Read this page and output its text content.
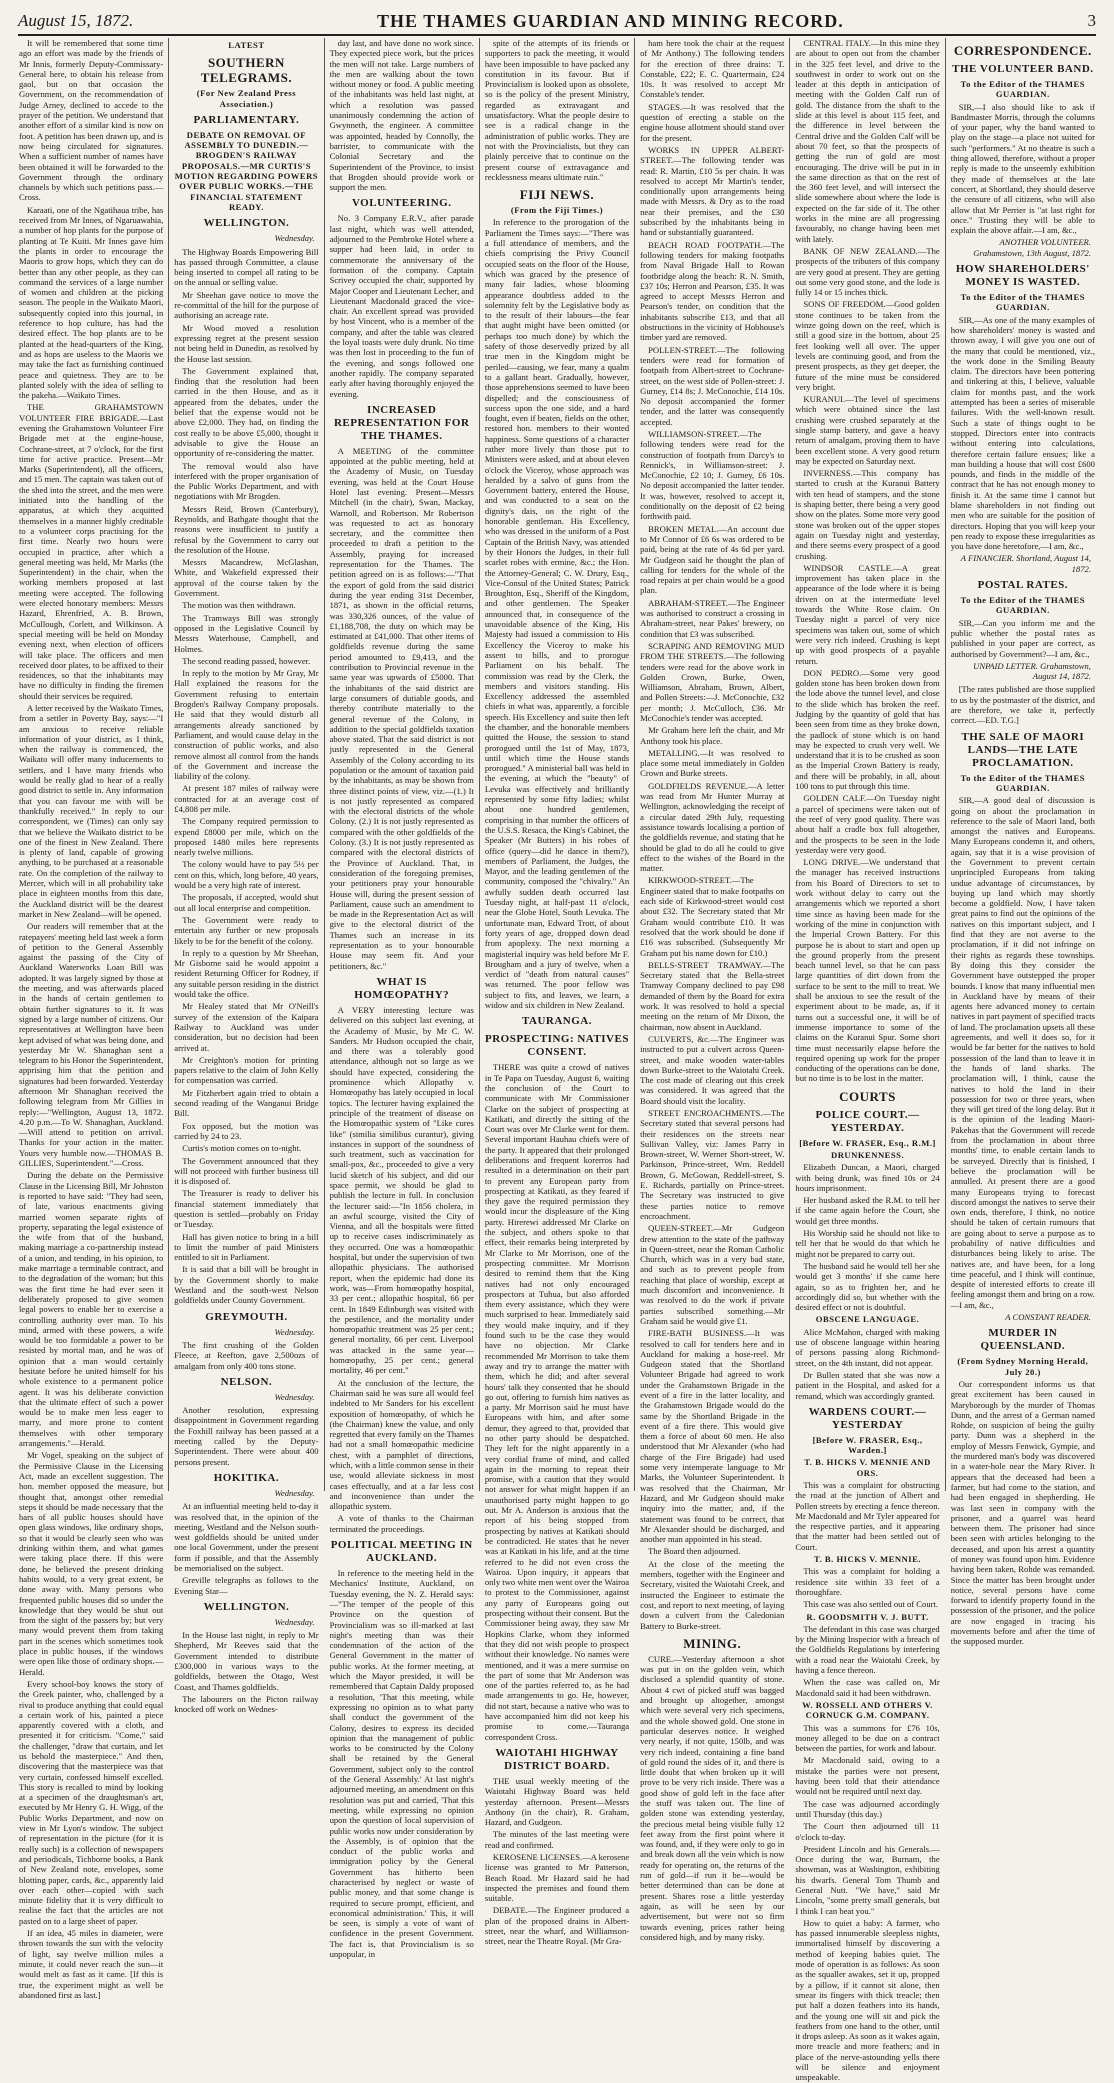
August 15, 1872.	THE THAMES GUARDIAN AND MINING RECORD.	3

It will be remembered that some time ago an effort was made by the friends of Mr Innis, formerly Deputy-Commissary-General here, to obtain his release from gaol, but on that occasion the Government, on the recommendation of Judge Arney, declined to accede to the prayer of the petition. We understand that another effort of a similar kind is now on foot. A petition has been drawn up, and is now being circulated for signatures. When a sufficient number of names have been obtained it will be forwarded to the Government through the ordinary channels by which such petitions pass.—Cross.

Karaati, one of the Ngatihaua tribe, has received from Mr Innes, of Ngaruawahia, a number of hop plants for the purpose of planting at Te Kuiti. Mr Innes gave him the plants in order to encourage the Maoris to grow hops, which they can do better than any other people, as they can command the services of a large number of women and children at the picking season. The people in the Waikato Maori, subsequently copied into this journal, in reference to hop culture, has had the desired effect. The hop plants are to be planted at the head-quarters of the King, and as hops are useless to the Maoris we may take the fact as furnishing continued peace and quietness. They are to be planted solely with the idea of selling to the pakeha.—Waikato Times.

THE GRAHAMSTOWN VOLUNTEER FIRE BRIGADE.—Last evening the Grahamstown Volunteer Fire Brigade met at the engine-house, Cochrane-street, at 7 o'clock, for the first time for active practice. Present—Mr Marks (Superintendent), all the officers, and 15 men. The captain was taken out of the shed into the street, and the men were initiated into the handling of the apparatus, at which they acquitted themselves in a manner highly creditable to a volunteer corps practising for the first time. Nearly two hours were occupied in practice, after which a general meeting was held, Mr Marks (the Superintendent) in the chair, when the working members proposed at last meeting were accepted. The following were elected honorary members: Messrs Hazard, Ehrenfried, A. B. Brown, McCullough, Corlett, and Wilkinson. A special meeting will be held on Monday evening next, when election of officers will take place. The officers and men received door plates, to be affixed to their residences, so that the inhabitants may have no difficulty in finding the firemen should their services be required.

A letter received by the Waikato Times, from a settler in Poverty Bay, says:—"I am anxious to receive reliable information of your district, as I think, when the railway is commenced, the Waikato will offer many inducements to settlers, and I have many friends who would be really glad to hear of a really good district to settle in. Any information that you can favour me with will be thankfully received." In reply to our correspondent, we (Times) can only say that we believe the Waikato district to be one of the finest in New Zealand. There is plenty of land, capable of growing anything, to be purchased at a reasonable rate. On the completion of the railway to Mercer, which will in all probability take place in eighteen months from this date, the Auckland district will be the dearest market in New Zealand—will be opened.

Our readers will remember that at the ratepayers' meeting held last week a form of petition to the General Assembly against the passing of the City of Auckland Waterworks Loan Bill was adopted. It was largely signed by those at the meeting, and was afterwards placed in the hands of certain gentlemen to obtain further signatures to it. It was signed by a large number of citizens. Our representatives at Wellington have been kept advised of what was being done, and yesterday Mr W. Shanaghan sent a telegram to his Honor the Superintendent, apprising him that the petition and signatures had been forwarded. Yesterday afternoon Mr Shanaghan received the following telegram from Mr Gillies in reply:—"Wellington, August 13, 1872. 4.20 p.m.—To W. Shanaghan, Auckland.—Will attend to petition on arrival. Thanks for your action in the matter. Yours very humble now.—THOMAS B. GILLIES, Superintendent."—Cross.

During the debate on the Permissive Clause in the Licensing Bill, Mr Johnston is reported to have said: "They had seen, of late, various enactments giving married women separate rights of property, separating the legal existence of the wife from that of the husband, making marriage a co-partnership instead of a union, and tending, in his opinion, to make marriage a terminable contract, and to the degradation of the woman; but this was the first time he had ever seen it deliberately proposed to give women legal powers to enable her to exercise a controlling authority over man. To his mind, armed with these powers, a wife would be too formidable a power to be resisted by mortal man, and he was of opinion that a man would certainly hesitate before he united himself for his whole existence to a permanent police agent. It was his deliberate conviction that the ultimate effect of such a power would be to make men less eager to marry, and more prone to content themselves with other temporary arrangements."—Herald.

Mr Vogel, speaking on the subject of the Permissive Clause in the Licensing Act, made an excellent suggestion. The hon. member opposed the measure, but thought that, amongst other remedial steps it should be made necessary that the bars of all public houses should have open glass windows, like ordinary shops, so that it would be clearly seen who was drinking within them, and what games were taking place there. If this were done, he believed the present drinking habits would, to a very great extent, be done away with. Many persons who frequented public houses did so under the knowledge that they would be shut out from the sight of the passers by; but very many would prevent them from taking part in the scenes which sometimes took place in public houses, if the windows were open like those of ordinary shops.—Herald.

Every school-boy knows the story of the Greek painter, who, challenged by a rival to produce anything that could equal a certain work of his, painted a piece apparently covered with a cloth, and presented it for criticism. "Come," said the challenger, "draw that curtain, and let us behold the masterpiece." And then, discovering that the masterpiece was that very curtain, confessed himself excelled. This story is recalled to mind by looking at a specimen of the draughtsman's art, executed by Mr Henry G. H. Wigg, of the Public Works Department, and now on view in Mr Lyon's window. The subject of representation in the picture (for it is really such) is a collection of newspapers and periodicals, Tichborne books, a Bank of New Zealand note, envelopes, some blotting paper, cards, &c., apparently laid over each other—copied with such minute fidelity that it is very difficult to realise the fact that the articles are not pasted on to a large sheet of paper.

If an idea, 45 miles in diameter, were thrown towards the sun with the velocity of light, say twelve million miles a minute, it could never reach the sun—it would melt as fast as it came. [If this is true, the experiment might as well be abandoned first as last.]

LATEST
SOUTHERN TELEGRAMS.
(For New Zealand Press Association.)
PARLIAMENTARY.
DEBATE ON REMOVAL OF ASSEMBLY TO DUNEDIN.—BROGDEN'S RAILWAY PROPOSALS.—MR CURTIS'S MOTION REGARDING POWERS OVER PUBLIC WORKS.—THE FINANCIAL STATEMENT READY.
WELLINGTON.
Wednesday.

The Highway Boards Empowering Bill has passed through Committee, a clause being inserted to compel all rating to be on the annual or selling value.

Mr Sheehan gave notice to move the re-committal of the bill for the purpose of authorising an acreage rate.

Mr Wood moved a resolution expressing regret at the present session not being held in Dunedin, as resolved by the House last session.

The Government explained that, finding that the resolution had been carried in the then House, and as it appeared from the debates, under the belief that the expense would not be above £2,000. They had, on finding the cost really to be above £5,000, thought it advisable to give the House an opportunity of re-considering the matter.

The removal would also have interfered with the proper organisation of the Public Works Department, and with negotiations with Mr Brogden.

Messrs Reid, Brown (Canterbury), Reynolds, and Bathgate thought that the reasons were insufficient to justify a refusal by the Government to carry out the resolution of the House.

Messrs Macandrew, McGlashan, White, and Wakefield expressed their approval of the course taken by the Government.

The motion was then withdrawn.

The Tramways Bill was strongly opposed in the Legislative Council by Messrs Waterhouse, Campbell, and Holmes.

The second reading passed, however.

In reply to the motion by Mr Gray, Mr Hall explained the reasons for the Government refusing to entertain Brogden's Railway Company proposals. He said that they would disturb all arrangements already sanctioned by Parliament, and would cause delay in the construction of public works, and also remove almost all control from the hands of the Government and increase the liability of the colony.

At present 187 miles of railway were contracted for at an average cost of £4,808 per mile.

The Company required permission to expend £8000 per mile, which on the proposed 1480 miles here represents nearly twelve millions.

The colony would have to pay 5½ per cent on this, which, long before, 40 years, would be a very high rate of interest.

The proposals, if accepted, would shut out all local enterprise and competition.

The Government were ready to entertain any further or new proposals likely to be for the benefit of the colony.

In reply to a question by Mr Sheehan, Mr Gisborne said he would appoint a resident Returning Officer for Rodney, if any suitable person residing in the district would take the office.

Mr Healey stated that Mr O'Neill's survey of the extension of the Kaipara Railway to Auckland was under consideration, but no decision had been arrived at.

Mr Creighton's motion for printing papers relative to the claim of John Kelly for compensation was carried.

Mr Fitzherbert again tried to obtain a second reading of the Wanganui Bridge Bill.

Fox opposed, but the motion was carried by 24 to 23.

Curtis's motion comes on to-night.

The Government announced that they will not proceed with further business till it is disposed of.

The Treasurer is ready to deliver his financial statement immediately that question is settled—probably on Friday or Tuesday.

Hall has given notice to bring in a bill to limit the number of paid Ministers entitled to sit in Parliament.

It is said that a bill will be brought in by the Government shortly to make Westland and the south-west Nelson goldfields under County Government.

GREYMOUTH.
Wednesday.

The first crushing of the Golden Fleece, at Reefton, gave 2,500ozs of amalgam from only 400 tons stone.

NELSON.
Wednesday.

Another resolution, expressing disappointment in Government regarding the Foxhill railway has been passed at a meeting called by the Deputy-Superintendent. There were about 400 persons present.

HOKITIKA.
Wednesday.

At an influential meeting held to-day it was resolved that, in the opinion of the meeting, Westland and the Nelson south-west goldfields should be united under one local Government, under the present form if possible, and that the Assembly be memorialised on the subject.

Greville telegraphs as follows to the Evening Star—

WELLINGTON.
Wednesday.

In the House last night, in reply to Mr Shepherd, Mr Reeves said that the Government intended to distribute £300,000 in various ways to the goldfields, between the Otago, West Coast, and Thames goldfields.

The labourers on the Picton railway knocked off work on Wednes-

day last, and have done no work since. They expected piece work, but the prices the men will not take. Large numbers of the men are walking about the town without money or food. A public meeting of the inhabitants was held last night, at which a resolution was passed unanimously condemning the action of Gwynneth, the engineer. A committee was appointed, headed by Connolly, the barrister, to communicate with the Colonial Secretary and the Superintendent of the Province, to insist that Brogden should provide work or support the men.

VOLUNTEERING.

No. 3 Company E.R.V., after parade last night, which was well attended, adjourned to the Pembroke Hotel where a supper had been laid, in order to commemorate the anniversary of the formation of the company. Captain Scrivey occupied the chair, supported by Major Cooper and Lieutenant Lecher, and Lieutenant Macdonald graced the vice-chair. An excellent spread was provided by host Vincent, who is a member of the company, and after the table was cleared the loyal toasts were duly drunk. No time was then lost in proceeding to the fun of the evening, and songs followed one another rapidly. The company separated early after having thoroughly enjoyed the evening.

INCREASED REPRESENTATION FOR THE THAMES.

A MEETING of the committee appointed at the public meeting, held at the Academy of Music, on Tuesday evening, was held at the Court House Hotel last evening. Present—Messrs Mitchell (in the chair), Swan, Mackay, Warnoll, and Robertson. Mr Robertson was requested to act as honorary secretary, and the committee then proceeded to draft a petition to the Assembly, praying for increased representation for the Thames. The petition agreed on is as follows:—"That the export of gold from the said district during the year ending 31st December, 1871, as shown in the official returns, was 330,326 ounces, of the value of £1,188,708, the duty on which may be estimated at £41,000. That other items of goldfields revenue during the same period amounted to £9,413, and the contribution to Provincial revenue in the same year was upwards of £5000. That the inhabitants of the said district are large consumers of dutiable goods, and thereby contribute materially to the general revenue of the Colony, in addition to the special goldfields taxation above stated. That the said district is not justly represented in the General Assembly of the Colony according to its population or the amount of taxation paid by the inhabitants, as may be shown from three distinct points of view, viz.—(1.) It is not justly represented as compared with the electoral districts of the whole Colony. (2.) It is not justly represented as compared with the other goldfields of the Colony. (3.) It is not justly represented as compared with the electoral districts of the Province of Auckland. That, in consideration of the foregoing premises, your petitioners pray your honourable House will, during the present session of Parliament, cause such an amendment to be made in the Representation Act as will give to the electoral district of the Thames such an increase in its representation as to your honourable House may seem fit. And your petitioners, &c."

WHAT IS HOMŒOPATHY?

A VERY interesting lecture was delivered on this subject last evening, at the Academy of Music, by Mr C. W. Sanders. Mr Hudson occupied the chair, and there was a tolerably good attendance, although not so large as we should have expected, considering the prominence which Allopathy v. Homœopathy has lately occupied in local topics. The lecturer having explained the principle of the treatment of disease on the Homœopathic system of "Like cures like" (similia similibus curantur), giving instances in support of the soundness of such treatment, such as vaccination for small-pox, &c., proceeded to give a very lucid sketch of his subject, and did our space permit, we should be glad to publish the lecture in full. In conclusion the lecturer said:—"In 1856 cholera, in an awful scourge, visited the City of Vienna, and all the hospitals were fitted up to receive cases indiscriminately as they occurred. One was a homœopathic hospital, but under the supervision of two allopathic physicians. The authorised report, when the epidemic had done its work, was—From homœopathy hospital, 33 per cent.; allopathic hospital, 66 per cent. In 1849 Edinburgh was visited with the pestilence, and the mortality under homœopathic treatment was 25 per cent.; general mortality, 66 per cent. Liverpool was attacked in the same year—homœopathy, 25 per cent.; general mortality, 46 per cent."

At the conclusion of the lecture, the Chairman said he was sure all would feel indebted to Mr Sanders for his excellent exposition of homœopathy, of which he (the Chairman) knew the value, and only regretted that every family on the Thames had not a small homœopathic medicine chest, with a pamphlet of directions, which, with a little common sense in their use, would alleviate sickness in most cases effectually, and at a far less cost and inconvenience than under the allopathic system.

A vote of thanks to the Chairman terminated the proceedings.

POLITICAL MEETING IN AUCKLAND.

In reference to the meeting held in the Mechanics' Institute, Auckland, on Tuesday evening, the N. Z. Herald says:—"The temper of the people of this Province on the question of Provincialism was so ill-marked at last night's meeting than was their condemnation of the action of the General Government in the matter of public works. At the former meeting, at which the Mayor presided, it will be remembered that Captain Daldy proposed a resolution, 'That this meeting, while expressing no opinion as to what party shall conduct the government of the Colony, desires to express its decided opinion that the management of public works to be constructed by the Colony shall be retained by the General Government, subject only to the control of the General Assembly.' At last night's adjourned meeting, an amendment on this resolution was put and carried, 'That this meeting, while expressing no opinion upon the question of local supervision of public works now under consideration by the Assembly, is of opinion that the conduct of the public works and immigration policy by the General Government has hitherto been characterised by neglect or waste of public money, and that some change is required to secure prompt, efficient, and economical administration.' This, it will be seen, is simply a vote of want of confidence in the present Government. The fact is, that Provincialism is so unpopular, in

spite of the attempts of its friends or supporters to pack the meeting, it would have been impossible to have packed any constitution in its favour. But if Provincialism is looked upon as obsolete, so is the policy of the present Ministry, regarded as extravagant and unsatisfactory. What the people desire to see is a radical change in the administration of public works. They are not with the Provincialists, but they can plainly perceive that to continue on the present course of extravagance and recklessness means ultimate ruin."

FIJI NEWS.
(From the Fiji Times.)

In reference to the prorogation of the Parliament the Times says:—"There was a full attendance of members, and the chiefs comprising the Privy Council occupied seats on the floor of the House, which was graced by the presence of many fair ladies, whose blooming appearance doubtless added to the solemnity felt by the Legislative body as to the result of their labours—the fear that aught might have been omitted (or perhaps too much done) by which the safety of those deservedly prized by all true men in the Kingdom might be periled—causing, we fear, many a qualm to a gallant heart. Gradually, however, those apprehensions seemed to have been dispelled; and the consciousness of success upon the one side, and a hard fought, even if beaten, fields on the other, restored hon. members to their wonted happiness. Some questions of a character rather more lively than those put to Ministers were asked, and at about eleven o'clock the Viceroy, whose approach was heralded by a salvo of guns from the Government battery, entered the House, and was conducted to a seat on the dignity's dais, on the right of the honorable gentleman. His Excellency, who was dressed in the uniform of a Post Captain of the British Navy, was attended by their Honors the Judges, in their full scarlet robes with ermine, &c.; the Hon. the Attorney-General; C. W. Drury, Esq., Vice-Consul of the United States; Patrick Broughton, Esq., Sheriff of the Kingdom, and other gentlemen. The Speaker announced that, in consequence of the unavoidable absence of the King, His Majesty had issued a commission to His Excellency the Viceroy to make his assent to bills, and to prorogue Parliament on his behalf. The commission was read by the Clerk, the members and visitors standing. His Excellency addressed the assembled chiefs in what was, apparently, a forcible speech. His Excellency and suite then left the chamber, and the honorable members quitted the House, the session to stand prorogued until the 1st of May, 1873, until which time the House stands prorogued." A ministerial ball was held in the evening, at which the "beauty" of Levuka was effectively and brilliantly represented by some fifty ladies; whilst about one hundred gentlemen, comprising in that number the officers of the U.S.S. Resaca, the King's Cabinet, the Speaker (Mr Butters) in his robes of office (query—did he dance in them?), members of Parliament, the Judges, the Mayor, and the leading gentlemen of the community, composed the "chivalry." An awfully sudden death occurred last Tuesday night, at half-past 11 o'clock, near the Globe Hotel, South Levuka. The unfortunate man, Edward Trott, of about forty years of age, dropped down dead from apoplexy. The next morning a magisterial inquiry was held before Mr F. Brougham and a jury of twelve, when a verdict of "death from natural causes" was returned. The poor fellow was subject to fits, and leaves, we learn, a widow and six children in New Zealand.

TAURANGA.
PROSPECTING: NATIVES CONSENT.

THERE was quite a crowd of natives in Te Papa on Tuesday, August 6, waiting the conclusion of the Court to communicate with Mr Commissioner Clarke on the subject of prospecting at Katikati, and directly the sitting of the Court was over Mr Clarke went for them. Several important Hauhau chiefs were of the party. It appeared that their prolonged deliberations and frequent korerros had resulted in a determination on their part to prevent any European party from prospecting at Katikati, as they feared if they gave the required permission they would incur the displeasure of the King party. Hirerewi addressed Mr Clarke on the subject, and others spoke to that effect, their remarks being interpreted by Mr Clarke to Mr Morrison, one of the prospecting committee. Mr Morrison desired to remind them that the King natives had not only encouraged prospectors at Tuhua, but also afforded them every assistance, which they were much surprised to hear. Immediately said they would make inquiry, and if they found such to be the case they would have no objection. Mr Clarke recommended Mr Morrison to take them away and try to arrange the matter with them, which he did; and after several hours' talk they consented that he should go out, offering to furnish him natives as a party. Mr Morrison said he must have Europeans with him, and after some demur, they agreed to that, provided that no other party should be despatched. They left for the night apparently in a very cordial frame of mind, and called again in the morning to repeat their promise, with a caution that they would not answer for what might happen if an unauthorised party might happen to go out. Mr A. Anderson is anxious that the report of his being stopped from prospecting by natives at Katikati should be contradicted. He states that he never was at Katikati in his life, and at the time referred to he did not even cross the Wairoa. Upon inquiry, it appears that only two white men went over the Wairoa to protest to the Commissioner, against any party of Europeans going out prospecting without their consent. But the Commissioner being away, they saw Mr Hopkins Clarke, whom they informed that they did not wish people to prospect without their knowledge. No names were mentioned, and it was a mere surmise on the part of some that Mr Anderson was one of the parties referred to, as he had made arrangements to go. He, however, did not start, because a native who was to have accompanied him did not keep his promise to come.—Tauranga correspondent Cross.

WAIOTAHI HIGHWAY DISTRICT BOARD.

THE usual weekly meeting of the Waiotahi Highway Board was held yesterday afternoon. Present—Messrs Anthony (in the chair), R. Graham, Hazard, and Gudgeon.

The minutes of the last meeting were read and confirmed.

KEROSENE LICENSES.—A kerosene license was granted to Mr Patterson, Beach Road. Mr Hazard said he had inspected the premises and found them suitable.

DEBATE.—The Engineer produced a plan of the proposed drains in Albert-street, near the wharf, and Williamson-street, near the Theatre Royal. (Mr Gra-

ham here took the chair at the request of Mr Anthony.) The following tenders for the erection of three drains: T. Constable, £22; E. C. Quartermain, £24 10s. It was resolved to accept Mr Constable's tender.

STAGES.—It was resolved that the question of erecting a stable on the engine house allotment should stand over for the present.

WORKS IN UPPER ALBERT-STREET.—The following tender was read: R. Martin, £10 5s per chain. It was resolved to accept Mr Martin's tender, conditionally upon arrangements being made with Messrs. & Dry as to the road near their premises, and the £30 subscribed by the inhabitants being in hand or substantially guaranteed.

BEACH ROAD FOOTPATH.—The following tenders for making footpaths from Naval Brigade Hall to Rowan footbridge along the beach: R. N. Smith, £37 10s; Herron and Pearson, £35. It was agreed to accept Messrs Herron and Pearson's tender, on condition that the inhabitants subscribe £13, and that all obstructions in the vicinity of Hobhouse's timber yard are removed.

POLLEN-STREET.—The following tenders were read for formation of footpath from Albert-street to Cochrane-street, on the west side of Pollen-street: J. Gurney, £14 8s; J. McConochie, £14 10s. No deposit accompanied the former tender, and the latter was consequently accepted.

WILLIAMSON-STREET.—The following tenders were read for the construction of footpath from Darcy's to Rennick's, in Williamson-street: J. McConochie, £2 10; J. Gurney, £6 10s. No deposit accompanied the latter tender. It was, however, resolved to accept it, conditionally on the deposit of £2 being forthwith paid.

BROKEN METAL.—An account due to Mr Connor of £6 6s was ordered to be paid, being at the rate of 4s 6d per yard. Mr Gudgeon said he thought the plan of calling for tenders for the whole of the road repairs at per chain would be a good plan.

ABRAHAM-STREET.—The Engineer was authorised to construct a crossing in Abraham-street, near Pakes' brewery, on condition that £3 was subscribed.

SCRAPING AND REMOVING MUD FROM THE STREETS.—The following tenders were read for the above work in Golden Crown, Burke, Owen, Williamson, Abraham, Brown, Albert, and Pollen Streets:—J. McConochie, £32 per month; J. McCulloch, £36. Mr McConochie's tender was accepted.

Mr Graham here left the chair, and Mr Anthony took his place.

METALLING.—It was resolved to place some metal immediately in Golden Crown and Burke streets.

GOLDFIELDS REVENUE.—A letter was read from Mr Hunter Murray at Wellington, acknowledging the receipt of a circular dated 29th July, requesting assistance towards localising a portion of the goldfields revenue, and stating that he should be glad to do all he could to give effect to the wishes of the Board in the matter.

KIRKWOOD-STREET.—The Engineer stated that to make footpaths on each side of Kirkwood-street would cost about £32. The Secretary stated that Mr Graham would contribute £10. It was resolved that the work should be done if £16 was subscribed. (Subsequently Mr Graham put his name down for £10.)

BELLS-STREET TRAMWAY.—The Secretary stated that the Bella-street Tramway Company declined to pay £98 demanded of them by the Board for extra work. It was resolved to hold a special meeting on the return of Mr Dixon, the chairman, now absent in Auckland.

CULVERTS, &c.—The Engineer was instructed to put a culvert across Queen-street, and make wooden water-tables down Burke-street to the Waiotahi Creek. The cost made of clearing out this creek was considered. It was agreed that the Board should visit the locality.

STREET ENCROACHMENTS.—The Secretary stated that several persons had their residences on the streets near Sullivan Valley, viz: James Parry in Brown-street, W. Werner Short-street, W. Parkinson, Prince-street, Wm. Reddell Brown, G. McGowan, Reddell-street, S. E. Richards, partially on Prince-street. The Secretary was instructed to give these parties notice to remove encroachment.

QUEEN-STREET.—Mr Gudgeon drew attention to the state of the pathway in Queen-street, near the Roman Catholic Church, which was in a very bad state, and such as to prevent people from reaching that place of worship, except at much discomfort and inconvenience. It was resolved to do the work if private parties subscribed something.—Mr Graham said he would give £1.

FIRE-BATH BUSINESS.—It was resolved to call for tenders here and in Auckland for making a hose-reel. Mr Gudgeon stated that the Shortland Volunteer Brigade had agreed to work under the Grahamstown Brigade in the event of a fire in the latter locality, and the Grahamstown Brigade would do the same by the Shortland Brigade in the event of a fire there. This would give them a force of about 60 men. He also understood that Mr Alexander (who had charge of the Fire Brigade) had used some very intemperate language to Mr Marks, the Volunteer Superintendent. It was resolved that the Chairman, Mr Hazard, and Mr Gudgeon should make inquiry into the matter, and, if the statement was found to be correct, that Mr Alexander should be discharged, and another man appointed in his stead.

The Board then adjourned.

At the close of the meeting the members, together with the Engineer and Secretary, visited the Waiotahi Creek, and instructed the Engineer to estimate the cost, and report to next meeting, of laying down a culvert from the Caledonian Battery to Burke-street.

MINING.

CURE.—Yesterday afternoon a shot was put in on the golden vein, which disclosed a splendid quantity of stone. About 4 cwt of picked stuff was bagged and brought up altogether, amongst which were several very rich specimens, and the whole showed gold. One stone in particular deserves notice. It weighed very nearly, if not quite, 150lb, and was very rich indeed, containing a fine band of gold round the sides of it, and there is little doubt that when broken up it will prove to be very rich inside. There was a good show of gold left in the face after the stuff was taken out. The line of golden stone was extending yesterday, the precious metal being visible fully 12 feet away from the first point where it was found, and, if they were only to go in and break down all the vein which is now ready for operating on, the returns of the run of gold—if run it be—would be better determined than can be done at present. Shares rose a little yesterday again, as will be seen by our advertisement, but were not so firm towards evening, prices rather being considered high, and by many risky.

CENTRAL ITALY.—In this mine they are about to open out from the chamber in the 325 feet level, and drive to the southwest in order to work out on the leader at this depth in anticipation of meeting with the Golden Calf run of gold. The distance from the shaft to the slide at this level is about 115 feet, and the difference in level between the Central drive and the Golden Calf will be about 70 feet, so that the prospects of getting the run of gold are most encouraging. The drive will be put in in the same direction as that on the rest of the 360 feet level, and will intersect the slide somewhere about where the lode is expected on the far side of it. The other works in the mine are all progressing favourably, no change having been met with lately.

BANK OF NEW ZEALAND.—The prospects of the tributers of this company are very good at present. They are getting out some very good stone, and the lode is fully 14 or 15 inches thick.

SONS OF FREEDOM.—Good golden stone continues to be taken from the winze going down on the reef, which is still a good size in the bottom, about 25 feet looking well all over. The upper levels are continuing good, and from the present prospects, as they get deeper, the future of the mine must be considered very bright.

KURANUI.—The level of specimens which were obtained since the last crushing were crushed separately at the single stamp battery, and gave a heavy return of amalgam, proving them to have been excellent stone. A very good return may be expected on Saturday next.

INVERNESS.—This company has started to crush at the Kuranui Battery with ten head of stampers, and the stone is shaping better, there being a very good show on the plates. Some more very good stone was broken out of the upper stopes again on Tuesday night and yesterday, and there seems every prospect of a good crushing.

WINDSOR CASTLE.—A great improvement has taken place in the appearance of the lode where it is being driven on at the intermediate level towards the White Rose claim. On Tuesday night a parcel of very nice specimens was taken out, some of which were very rich indeed. Crushing is kept up with good prospects of a payable return.

DON PEDRO.—Some very good golden stone has been broken down from the lode above the tunnel level, and close to the slide which has broken the reef. Judging by the quantity of gold that has been seen from time as they broke down, the padlock of stone which is on hand may be expected to crush very well. We understand that it is to be crushed as soon as the Imperial Crown Battery is ready, and there will be probably, in all, about 100 tons to put through this time.

GOLDEN CALF.—On Tuesday night a parcel of specimens were taken out of the reef of very good quality. There was about half a cradle box full altogether, and the prospects to be seen in the lode yesterday were very good.

LONG DRIVE.—We understand that the manager has received instructions from his Board of Directors to set to work without delay to carry out the arrangements which we reported a short time since as having been made for the working of the mine in conjunction with the Imperial Crown Battery. For this purpose he is about to start and open up the ground properly from the present beach tunnel level, so that he can pass large quantities of dirt down from the surface to be sent to the mill to treat. We shall be anxious to see the result of the experiment about to be made, as, if it turns out a successful one, it will be of immense importance to some of the claims on the Kuranui Spur. Some short time must necessarily elapse before the required opening up work for the proper conducting of the operations can be done, but no time is to be lost in the matter.

COURTS
POLICE COURT.—YESTERDAY.
[Before W. FRASER, Esq., R.M.]
DRUNKENNESS.

Elizabeth Duncan, a Maori, charged with being drunk, was fined 10s or 24 hours imprisonment.

Her husband asked the R.M. to tell her if she came again before the Court, she would get three months.

His Worship said he should not like to tell her that he would do that which he might not be prepared to carry out.

The husband said he would tell her she would get 3 months' if she came here again, so as to frighten her, and he accordingly did so, but whether with the desired effect or not is doubtful.

OBSCENE LANGUAGE.

Alice McMahon, charged with making use of obscene language within hearing of persons passing along Richmond-street, on the 4th instant, did not appear.

Dr Bullen stated that she was now a patient in the Hospital, and asked for a remand, which was accordingly granted.

WARDENS COURT.—YESTERDAY
[Before W. FRASER, Esq., Warden.]
T. B. HICKS V. MENNIE AND ORS.

This was a complaint for obstructing the road at the junction of Albert and Pollen streets by erecting a fence thereon. Mr Macdonald and Mr Tyler appeared for the respective parties, and it appearing that the matter had been settled out of Court.

T. B. HICKS V. MENNIE.

This was a complaint for holding a residence site within 33 feet of a thoroughfare.

This case was also settled out of Court.

R. GOODSMITH V. J. BUTT.

The defendant in this case was charged by the Mining Inspector with a breach of the Goldfields Regulations by interfering with a road near the Waiotahi Creek, by having a fence thereon.

When the case was called on, Mr Macdonald said it had been withdrawn.

W. ROSSELL AND OTHERS V. CORNUCK G.M. COMPANY.

This was a summons for £76 10s, money alleged to be due on a contract between the parties, for work and labour.

Mr Macdonald said, owing to a mistake the parties were not present, having been told that their attendance would not be required until next day.

The case was adjourned accordingly until Thursday (this day.)

The Court then adjourned till 11 o'clock to-day.

President Lincoln and his Generals.—Once during the war, Burnam, the showman, was at Washington, exhibiting his dwarfs. General Tom Thumb and General Nutt. "We have," said Mr Lincoln, "some pretty small generals, but I think I can beat you."

How to quiet a baby: A farmer, who has passed innumerable sleepless nights, immortalised himself by discovering a method of keeping babies quiet. The mode of operation is as follows: As soon as the squaller awakes, set it up, propped by a pillow, if it cannot sit alone, then smear its fingers with thick treacle; then put half a dozen feathers into its hands, and the young one will sit and pick the feathers from one hand to the other, until it drops asleep. As soon as it wakes again, more treacle and more feathers; and in place of the nerve-astounding yells there will be silence and enjoyment unspeakable.

CORRESPONDENCE.
THE VOLUNTEER BAND.
To the Editor of the THAMES GUARDIAN.

SIR,—I also should like to ask if Bandmaster Morris, through the columns of your paper, why the band wanted to play on the stage—a place not suited for such "performers." At no theatre is such a thing allowed, therefore, without a proper reply is made to the unseemly exhibition they made of themselves at the late concert, at Shortland, they should deserve the censure of all citizens, who will also allow that Mr Perrier is "at last right for once." Trusting they will be able to explain the above affair.—I am, &c.,

ANOTHER VOLUNTEER. Grahamstown, 13th August, 1872.
HOW SHAREHOLDERS' MONEY IS WASTED.
To the Editor of the THAMES GUARDIAN.

SIR,—As one of the many examples of how shareholders' money is wasted and thrown away, I will give you one out of the many that could be mentioned, viz., the work done in the Smiling Beauty claim. The directors have been pottering and tinkering at this, I believe, valuable claim for months past, and the work attempted has been a series of miserable failures. With the well-known result. Such a state of things ought to be stopped. Directors enter into contracts without entering into calculations, therefore certain failure ensues; like a man building a house that will cost £600 pounds, and finds in the middle of the contract that he has not enough money to finish it. At the same time I cannot but blame shareholders in not finding out men who are suitable for the position of directors. Hoping that you will keep your pen ready to expose these irregularities as you have done heretofore,—I am, &c.,

A FINANCIER. Shortland, August 14, 1872.
POSTAL RATES.
To the Editor of the THAMES GUARDIAN.

SIR,—Can you inform me and the public whether the postal rates as published in your paper are correct, as authorised by Government?—I am, &c.,

UNPAID LETTER. Grahamstown, August 14, 1872.

[The rates published are those supplied to us by the postmaster of the district, and are therefore, we take it, perfectly correct.—ED. T.G.]

THE SALE OF MAORI LANDS—THE LATE PROCLAMATION.
To the Editor of the THAMES GUARDIAN.

SIR,—A good deal of discussion is going on about the proclamation in reference to the sale of Maori land, both amongst the natives and Europeans. Many Europeans condemn it, and others, again, say that it is a wise provision of the Government to prevent certain unprincipled Europeans from taking undue advantage of circumstances, by buying up land which may shortly become a goldfield. Now, I have taken great pains to find out the opinions of the natives on this important subject, and I find that they are not averse to the proclamation, if it did not infringe on their rights as regards these townships. By doing this they consider the Government have outstepped the proper bounds. I know that many influential men in Auckland have by means of their agents here advanced money to certain natives in part payment of specified tracts of land. The proclamation upsets all these agreements, and well it does so, for it would be far better for the natives to hold possession of the land than to leave it in the hands of land sharks. The proclamation will, I think, cause the natives to hold the land in their possession for two or three years, when they will get tired of the long delay. But it is the opinion of the leading Maori-Pakehas that the Government will recede from the proclamation in about three months' time, to enable certain lands to be surveyed. Directly that is finished, I believe the proclamation will be annulled. At present there are a good many Europeans trying to forecast discord amongst the natives to serve their own ends, therefore, I think, no notice should be taken of certain rumours that are going about to serve a purpose as to probability of native difficulties and disturbances being likely to arise. The natives are, and have been, for a long time peaceful, and I think will continue, despite of interested efforts to create ill feeling amongst them and bring on a row.—I am, &c.,

A CONSTANT READER.
MURDER IN QUEENSLAND.
(From Sydney Morning Herald, July 20.)

Our correspondent informs us that great excitement has been caused in Maryborough by the murder of Thomas Dunn, and the arrest of a German named Rohde, on suspicion of being the guilty party. Dunn was a shepherd in the employ of Messrs Fenwick, Gympie, and the murdered man's body was discovered in a water-hole near the Mary River. It appears that the deceased had been a farmer, but had come to the station, and had been engaged in shepherding. He was last seen in company with the prisoner, and a quarrel was heard between them. The prisoner had since been seen with articles belonging to the deceased, and upon his arrest a quantity of money was found upon him. Evidence having been taken, Rohde was remanded. Since the matter has been brought under notice, several persons have come forward to identify property found in the possession of the prisoner, and the police are now engaged in tracing his movements before and after the time of the supposed murder.
